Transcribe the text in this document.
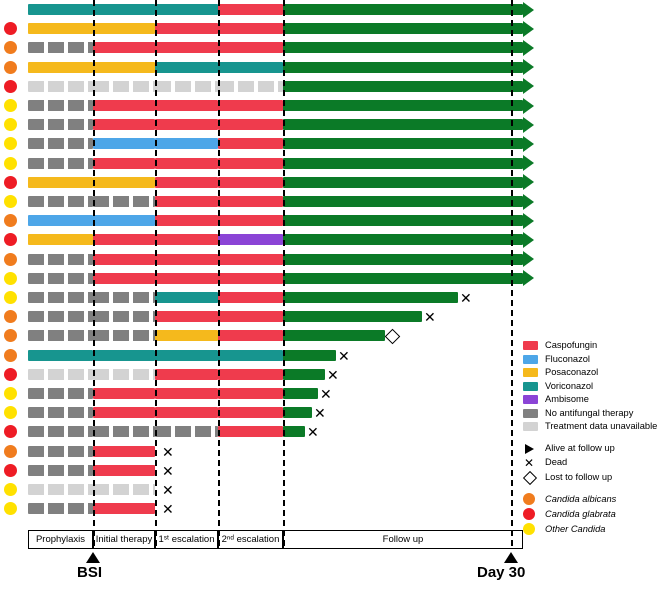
✕
✕
✕
✕
✕
✕
✕
✕
✕
✕
✕
Prophylaxis	Initial therapy 1ˢᵗ escalation 2ⁿᵈ escalation	Follow up
BSI	Day 30
Caspofungin
Fluconazol
Posaconazol
Voriconazol
Ambisome
No antifungal therapy
Treatment data unavailable
Alive at follow up
✕ Dead
Lost to follow up
Candida albicans
Candida glabrata
Other Candida
